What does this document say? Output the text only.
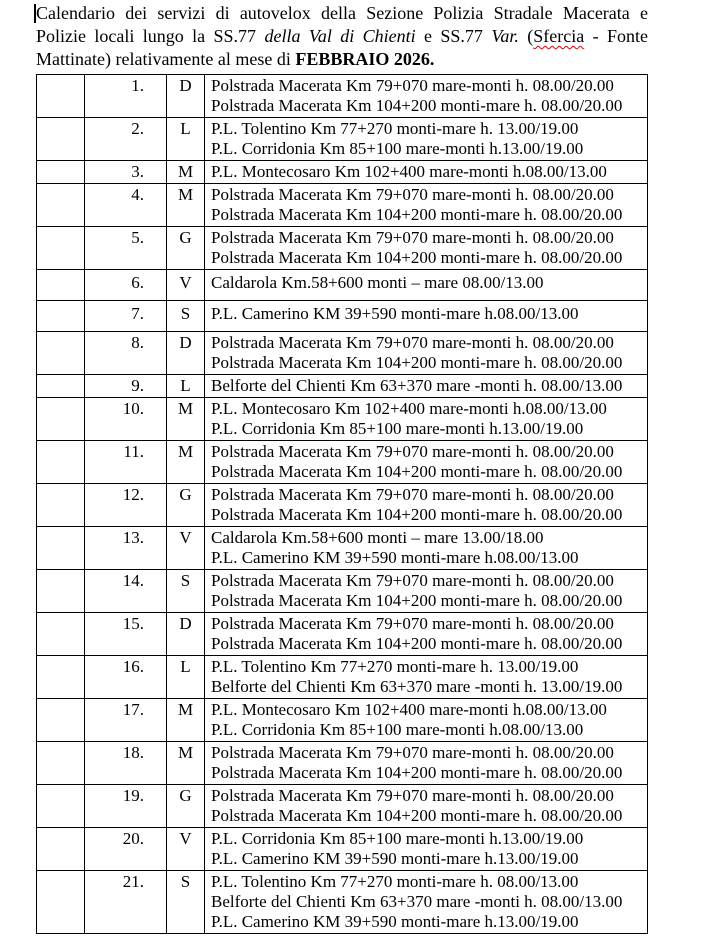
Calendario dei servizi di autovelox della Sezione Polizia Stradale Macerata e
Polizie locali lungo la SS.77 della Val di Chienti e SS.77 Var. (Sfercia - Fonte
Mattinate) relativamente al mese di FEBBRAIO 2026.
	1.	D	Polstrada Macerata Km 79+070 mare-monti h. 08.00/20.00
Polstrada Macerata Km 104+200 monti-mare h. 08.00/20.00

	2.	L	P.L. Tolentino Km 77+270 monti-mare h. 13.00/19.00
P.L. Corridonia Km 85+100 mare-monti h.13.00/19.00

	3.	M	P.L. Montecosaro Km 102+400 mare-monti h.08.00/13.00

	4.	M	Polstrada Macerata Km 79+070 mare-monti h. 08.00/20.00
Polstrada Macerata Km 104+200 monti-mare h. 08.00/20.00

	5.	G	Polstrada Macerata Km 79+070 mare-monti h. 08.00/20.00
Polstrada Macerata Km 104+200 monti-mare h. 08.00/20.00

	6.	V	Caldarola Km.58+600 monti – mare 08.00/13.00

	7.	S	P.L. Camerino KM 39+590 monti-mare h.08.00/13.00

	8.	D	Polstrada Macerata Km 79+070 mare-monti h. 08.00/20.00
Polstrada Macerata Km 104+200 monti-mare h. 08.00/20.00

	9.	L	Belforte del Chienti Km 63+370 mare -monti h. 08.00/13.00

	10.	M	P.L. Montecosaro Km 102+400 mare-monti h.08.00/13.00
P.L. Corridonia Km 85+100 mare-monti h.13.00/19.00

	11.	M	Polstrada Macerata Km 79+070 mare-monti h. 08.00/20.00
Polstrada Macerata Km 104+200 monti-mare h. 08.00/20.00

	12.	G	Polstrada Macerata Km 79+070 mare-monti h. 08.00/20.00
Polstrada Macerata Km 104+200 monti-mare h. 08.00/20.00

	13.	V	Caldarola Km.58+600 monti – mare 13.00/18.00
P.L. Camerino KM 39+590 monti-mare h.08.00/13.00

	14.	S	Polstrada Macerata Km 79+070 mare-monti h. 08.00/20.00
Polstrada Macerata Km 104+200 monti-mare h. 08.00/20.00

	15.	D	Polstrada Macerata Km 79+070 mare-monti h. 08.00/20.00
Polstrada Macerata Km 104+200 monti-mare h. 08.00/20.00

	16.	L	P.L. Tolentino Km 77+270 monti-mare h. 13.00/19.00
Belforte del Chienti Km 63+370 mare -monti h. 13.00/19.00

	17.	M	P.L. Montecosaro Km 102+400 mare-monti h.08.00/13.00
P.L. Corridonia Km 85+100 mare-monti h.08.00/13.00

	18.	M	Polstrada Macerata Km 79+070 mare-monti h. 08.00/20.00
Polstrada Macerata Km 104+200 monti-mare h. 08.00/20.00

	19.	G	Polstrada Macerata Km 79+070 mare-monti h. 08.00/20.00
Polstrada Macerata Km 104+200 monti-mare h. 08.00/20.00

	20.	V	P.L. Corridonia Km 85+100 mare-monti h.13.00/19.00
P.L. Camerino KM 39+590 monti-mare h.13.00/19.00

	21.	S	P.L. Tolentino Km 77+270 monti-mare h. 08.00/13.00
Belforte del Chienti Km 63+370 mare -monti h. 08.00/13.00
P.L. Camerino KM 39+590 monti-mare h.13.00/19.00
